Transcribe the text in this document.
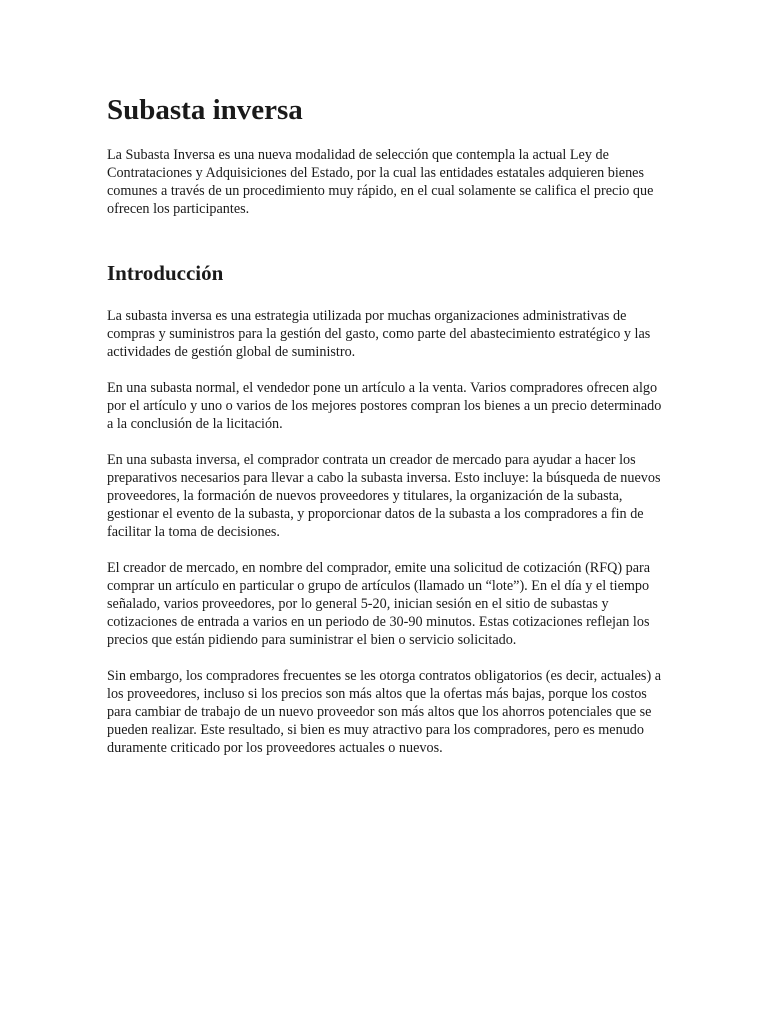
Subasta inversa

La Subasta Inversa es una nueva modalidad de selección que contempla la actual Ley de Contrataciones y Adquisiciones del Estado, por la cual las entidades estatales adquieren bienes comunes a través de un procedimiento muy rápido, en el cual solamente se califica el precio que ofrecen los participantes.

Introducción

La subasta inversa es una estrategia utilizada por muchas organizaciones administrativas de compras y suministros para la gestión del gasto, como parte del abastecimiento estratégico y las actividades de gestión global de suministro.

En una subasta normal, el vendedor pone un artículo a la venta. Varios compradores ofrecen algo por el artículo y uno o varios de los mejores postores compran los bienes a un precio determinado a la conclusión de la licitación.

En una subasta inversa, el comprador contrata un creador de mercado para ayudar a hacer los preparativos necesarios para llevar a cabo la subasta inversa. Esto incluye: la búsqueda de nuevos proveedores, la formación de nuevos proveedores y titulares, la organización de la subasta, gestionar el evento de la subasta, y proporcionar datos de la subasta a los compradores a fin de facilitar la toma de decisiones.

El creador de mercado, en nombre del comprador, emite una solicitud de cotización (RFQ) para comprar un artículo en particular o grupo de artículos (llamado un “lote”). En el día y el tiempo señalado, varios proveedores, por lo general 5-20, inician sesión en el sitio de subastas y cotizaciones de entrada a varios en un periodo de 30-90 minutos. Estas cotizaciones reflejan los precios que están pidiendo para suministrar el bien o servicio solicitado.

Sin embargo, los compradores frecuentes se les otorga contratos obligatorios (es decir, actuales) a los proveedores, incluso si los precios son más altos que la ofertas más bajas, porque los costos para cambiar de trabajo de un nuevo proveedor son más altos que los ahorros potenciales que se pueden realizar. Este resultado, si bien es muy atractivo para los compradores, pero es menudo duramente criticado por los proveedores actuales o nuevos.
